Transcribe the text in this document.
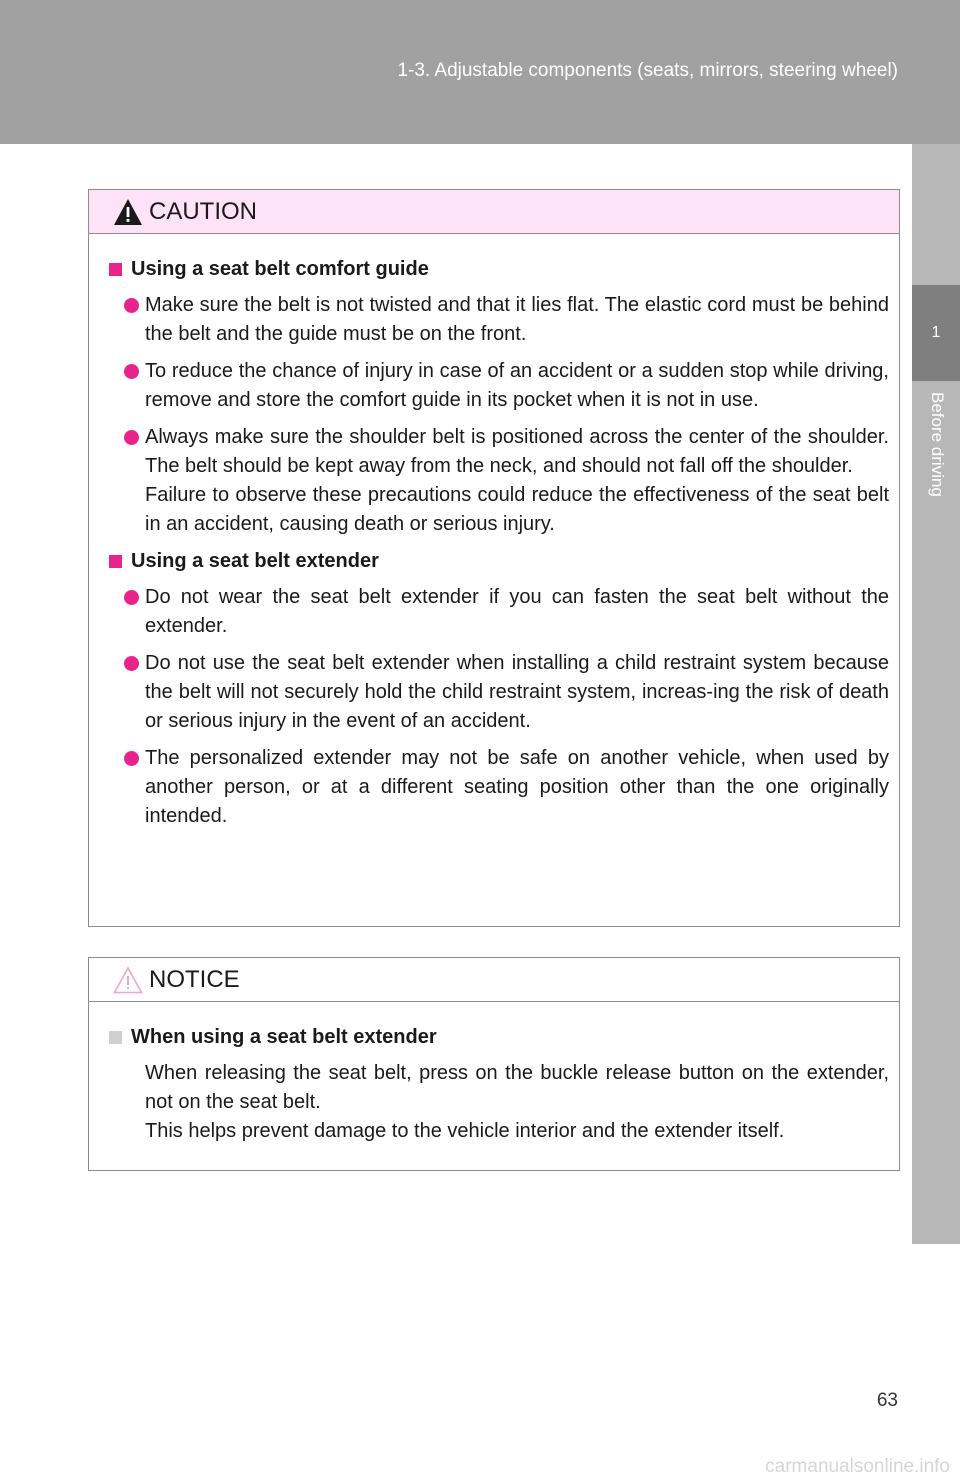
1-3. Adjustable components (seats, mirrors, steering wheel)
1
Before driving
CAUTION
Using a seat belt comfort guide
Make sure the belt is not twisted and that it lies flat. The elastic cord must be behind the belt and the guide must be on the front.
To reduce the chance of injury in case of an accident or a sudden stop while driving, remove and store the comfort guide in its pocket when it is not in use.
Always make sure the shoulder belt is positioned across the center of the shoulder. The belt should be kept away from the neck, and should not fall off the shoulder.
Failure to observe these precautions could reduce the effectiveness of the seat belt in an accident, causing death or serious injury.
Using a seat belt extender
Do not wear the seat belt extender if you can fasten the seat belt without the extender.
Do not use the seat belt extender when installing a child restraint system because the belt will not securely hold the child restraint system, increas-ing the risk of death or serious injury in the event of an accident.
The personalized extender may not be safe on another vehicle, when used by another person, or at a different seating position other than the one originally intended.
NOTICE
When using a seat belt extender
When releasing the seat belt, press on the buckle release button on the extender, not on the seat belt.
This helps prevent damage to the vehicle interior and the extender itself.
63
carmanualsonline.info
